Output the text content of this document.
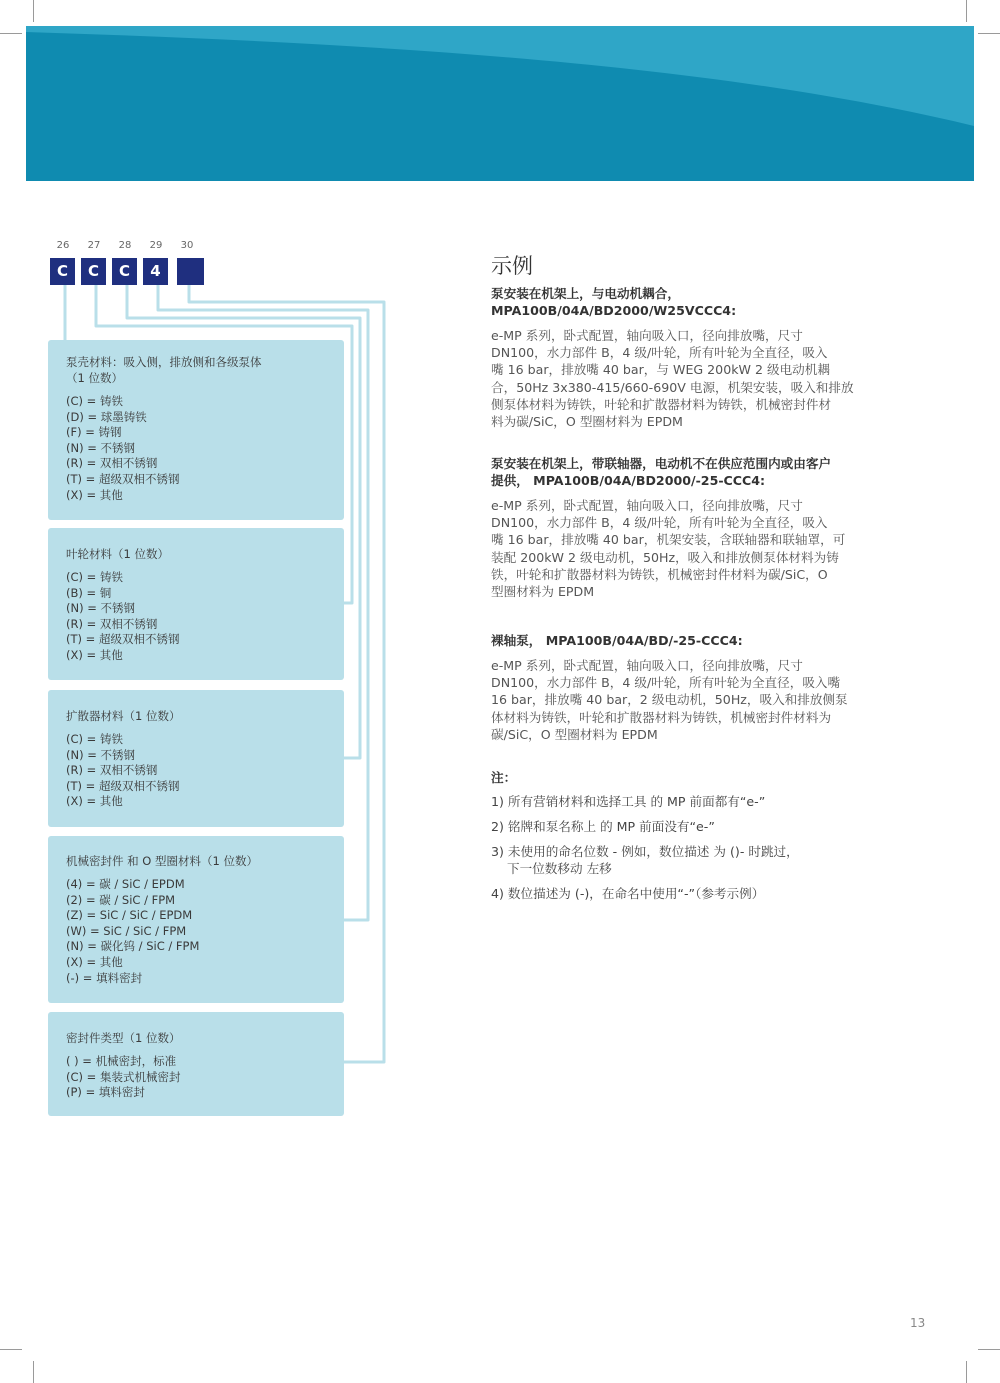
26	27	28	29	30
C	C	C	4
泵壳材料：吸入侧，排放侧和各级泵体
（1 位数）
(C) = 铸铁
(D) = 球墨铸铁
(F) = 铸钢
(N) = 不锈钢
(R) = 双相不锈钢
(T) = 超级双相不锈钢
(X) = 其他
叶轮材料（1 位数）
(C) = 铸铁
(B) = 铜
(N) = 不锈钢
(R) = 双相不锈钢
(T) = 超级双相不锈钢
(X) = 其他
扩散器材料（1 位数）
(C) = 铸铁
(N) = 不锈钢
(R) = 双相不锈钢
(T) = 超级双相不锈钢
(X) = 其他
机械密封件 和 O 型圈材料（1 位数）
(4) = 碳 / SiC / EPDM
(2) = 碳 / SiC / FPM
(Z) = SiC / SiC / EPDM
(W) = SiC / SiC / FPM
(N) = 碳化钨 / SiC / FPM
(X) = 其他
(-) = 填料密封
密封件类型（1 位数）
( ) = 机械密封，标准
(C) = 集装式机械密封
(P) = 填料密封
示例
泵安装在机架上，与电动机耦合，
MPA100B/04A/BD2000/W25VCCC4:
e-MP 系列，卧式配置，轴向吸入口，径向排放嘴，尺寸
DN100，水力部件 B，4 级/叶轮，所有叶轮为全直径，吸入
嘴 16 bar，排放嘴 40 bar，与 WEG 200kW 2 级电动机耦
合，50Hz 3x380-415/660-690V 电源，机架安装，吸入和排放
侧泵体材料为铸铁，叶轮和扩散器材料为铸铁，机械密封件材
料为碳/SiC，O 型圈材料为 EPDM
泵安装在机架上，带联轴器，电动机不在供应范围内或由客户
提供， MPA100B/04A/BD2000/-25-CCC4:
e-MP 系列，卧式配置，轴向吸入口，径向排放嘴，尺寸
DN100，水力部件 B，4 级/叶轮，所有叶轮为全直径，吸入
嘴 16 bar，排放嘴 40 bar，机架安装，含联轴器和联轴罩，可
装配 200kW 2 级电动机，50Hz，吸入和排放侧泵体材料为铸
铁，叶轮和扩散器材料为铸铁，机械密封件材料为碳/SiC，O
型圈材料为 EPDM
裸轴泵， MPA100B/04A/BD/-25-CCC4:
e-MP 系列，卧式配置，轴向吸入口，径向排放嘴，尺寸
DN100，水力部件 B，4 级/叶轮，所有叶轮为全直径，吸入嘴
16 bar，排放嘴 40 bar，2 级电动机，50Hz，吸入和排放侧泵
体材料为铸铁，叶轮和扩散器材料为铸铁，机械密封件材料为
碳/SiC，O 型圈材料为 EPDM
注：
1) 所有营销材料和选择工具 的 MP 前面都有“e-”
2) 铭牌和泵名称上 的 MP 前面没有“e-”
3) 未使用的命名位数 - 例如，数位描述 为 ()- 时跳过，
下一位数移动 左移
4) 数位描述为 (-)，在命名中使用“-”（参考示例）
13
